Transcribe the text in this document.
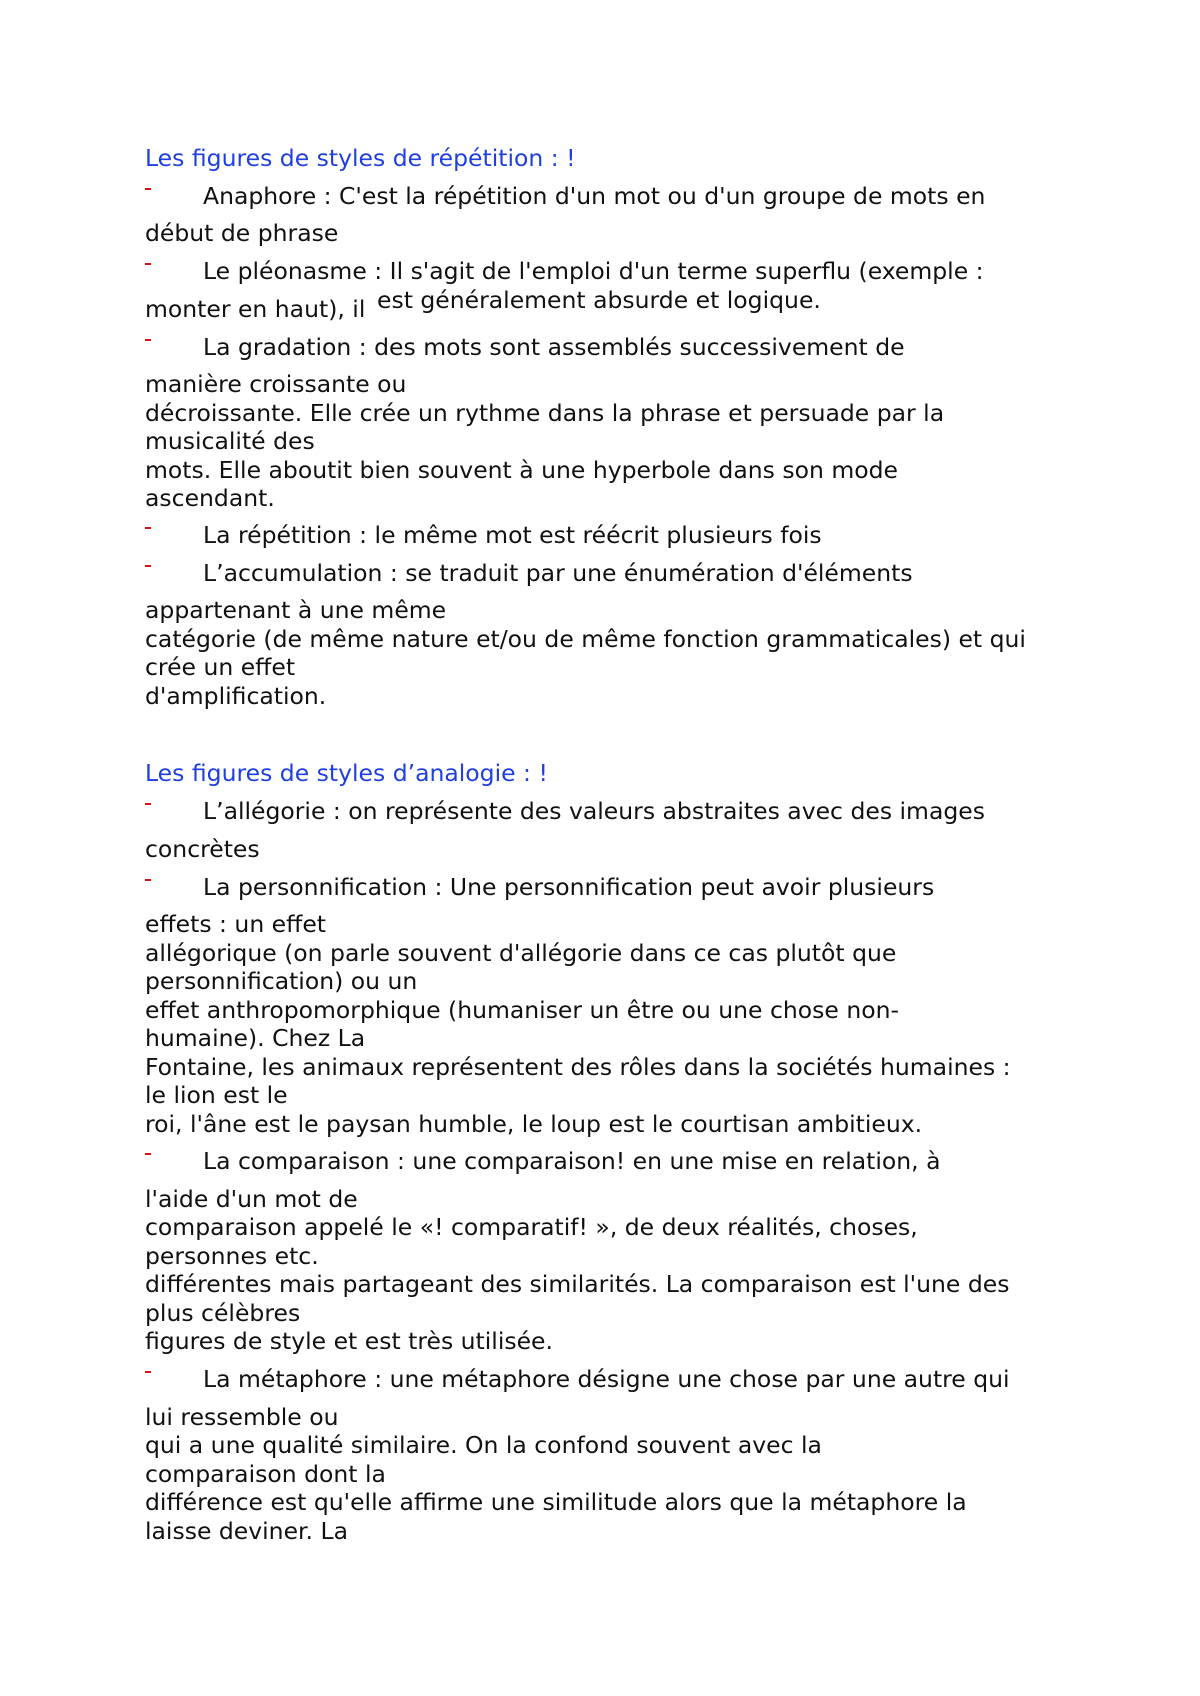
Les figures de styles de répétition : !

Anaphore : C'est la répétition d'un mot ou d'un groupe de mots en

début de phrase

Le pléonasme : Il s'agit de l'emploi d'un terme superflu (exemple :

monter en haut), il est généralement absurde et logique.

La gradation : des mots sont assemblés successivement de

manière croissante ou

décroissante. Elle crée un rythme dans la phrase et persuade par la

musicalité des

mots. Elle aboutit bien souvent à une hyperbole dans son mode

ascendant.

La répétition : le même mot est réécrit plusieurs fois

L’accumulation : se traduit par une énumération d'éléments

appartenant à une même

catégorie (de même nature et/ou de même fonction grammaticales) et qui

crée un effet

d'amplification.

Les figures de styles d’analogie : !

L’allégorie : on représente des valeurs abstraites avec des images

concrètes

La personnification : Une personnification peut avoir plusieurs

effets : un effet

allégorique (on parle souvent d'allégorie dans ce cas plutôt que

personnification) ou un

effet anthropomorphique (humaniser un être ou une chose non-

humaine). Chez La

Fontaine, les animaux représentent des rôles dans la sociétés humaines :

le lion est le

roi, l'âne est le paysan humble, le loup est le courtisan ambitieux.

La comparaison : une comparaison! en une mise en relation, à

l'aide d'un mot de

comparaison appelé le «! comparatif! », de deux réalités, choses,

personnes etc.

différentes mais partageant des similarités. La comparaison est l'une des

plus célèbres

figures de style et est très utilisée.

La métaphore : une métaphore désigne une chose par une autre qui

lui ressemble ou

qui a une qualité similaire. On la confond souvent avec la

comparaison dont la

différence est qu'elle affirme une similitude alors que la métaphore la

laisse deviner. La
